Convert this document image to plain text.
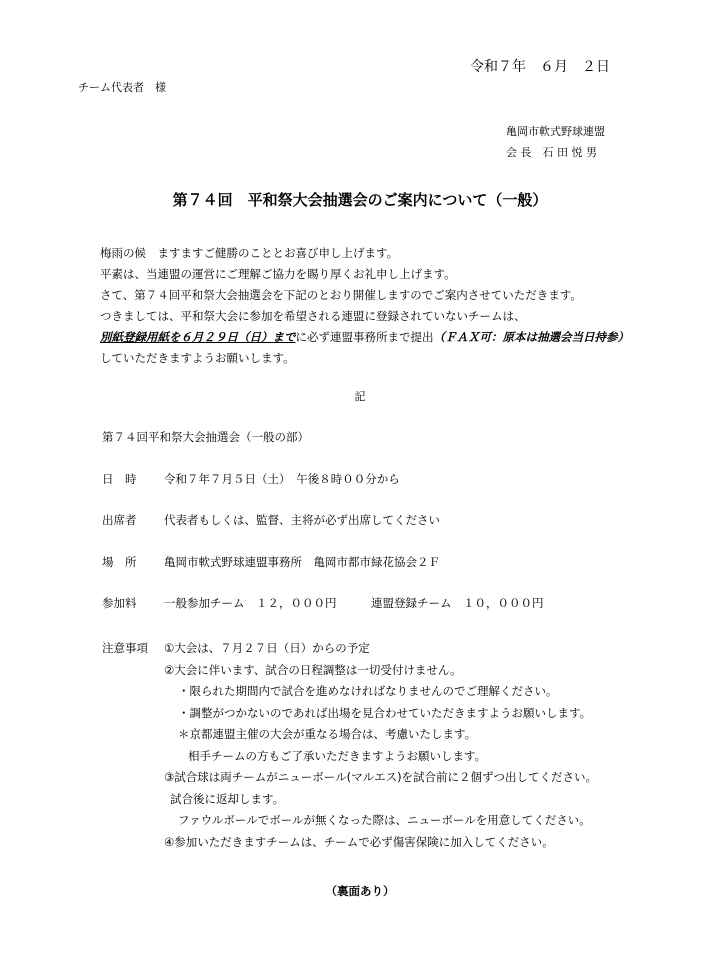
令和７年　６月　２日
チーム代表者　様
亀岡市軟式野球連盟
会 長　石 田 悦 男
第７４回　平和祭大会抽選会のご案内について（一般）
梅雨の候　ますますご健勝のこととお喜び申し上げます。
平素は、当連盟の運営にご理解ご協力を賜り厚くお礼申し上げます。
さて、第７４回平和祭大会抽選会を下記のとおり開催しますのでご案内させていただきます。
つきましては、平和祭大会に参加を希望される連盟に登録されていないチームは、
別紙登録用紙を６月２９日（日）までに必ず連盟事務所まで提出（ＦＡＸ可：原本は抽選会当日持参）
していただきますようお願いします。
記
第７４回平和祭大会抽選会（一般の部）
日　時 令和７年７月５日（土）　午後８時００分から
出席者 代表者もしくは、監督、主将が必ず出席してください
場　所 亀岡市軟式野球連盟事務所　亀岡市都市緑花協会２Ｆ
参加料 一般参加チーム　１２，０００円　　　連盟登録チーム　１０，０００円
注意事項 ①大会は、７月２７日（日）からの予定
②大会に伴います、試合の日程調整は一切受付けません。
・限られた期間内で試合を進めなければなりませんのでご理解ください。
・調整がつかないのであれば出場を見合わせていただきますようお願いします。
＊京都連盟主催の大会が重なる場合は、考慮いたします。
相手チームの方もご了承いただきますようお願いします。
③試合球は両チームがニューボール(マルエス)を試合前に２個ずつ出してください。
試合後に返却します。
ファウルボールでボールが無くなった際は、ニューボールを用意してください。
④参加いただきますチームは、チームで必ず傷害保険に加入してください。
（裏面あり）
